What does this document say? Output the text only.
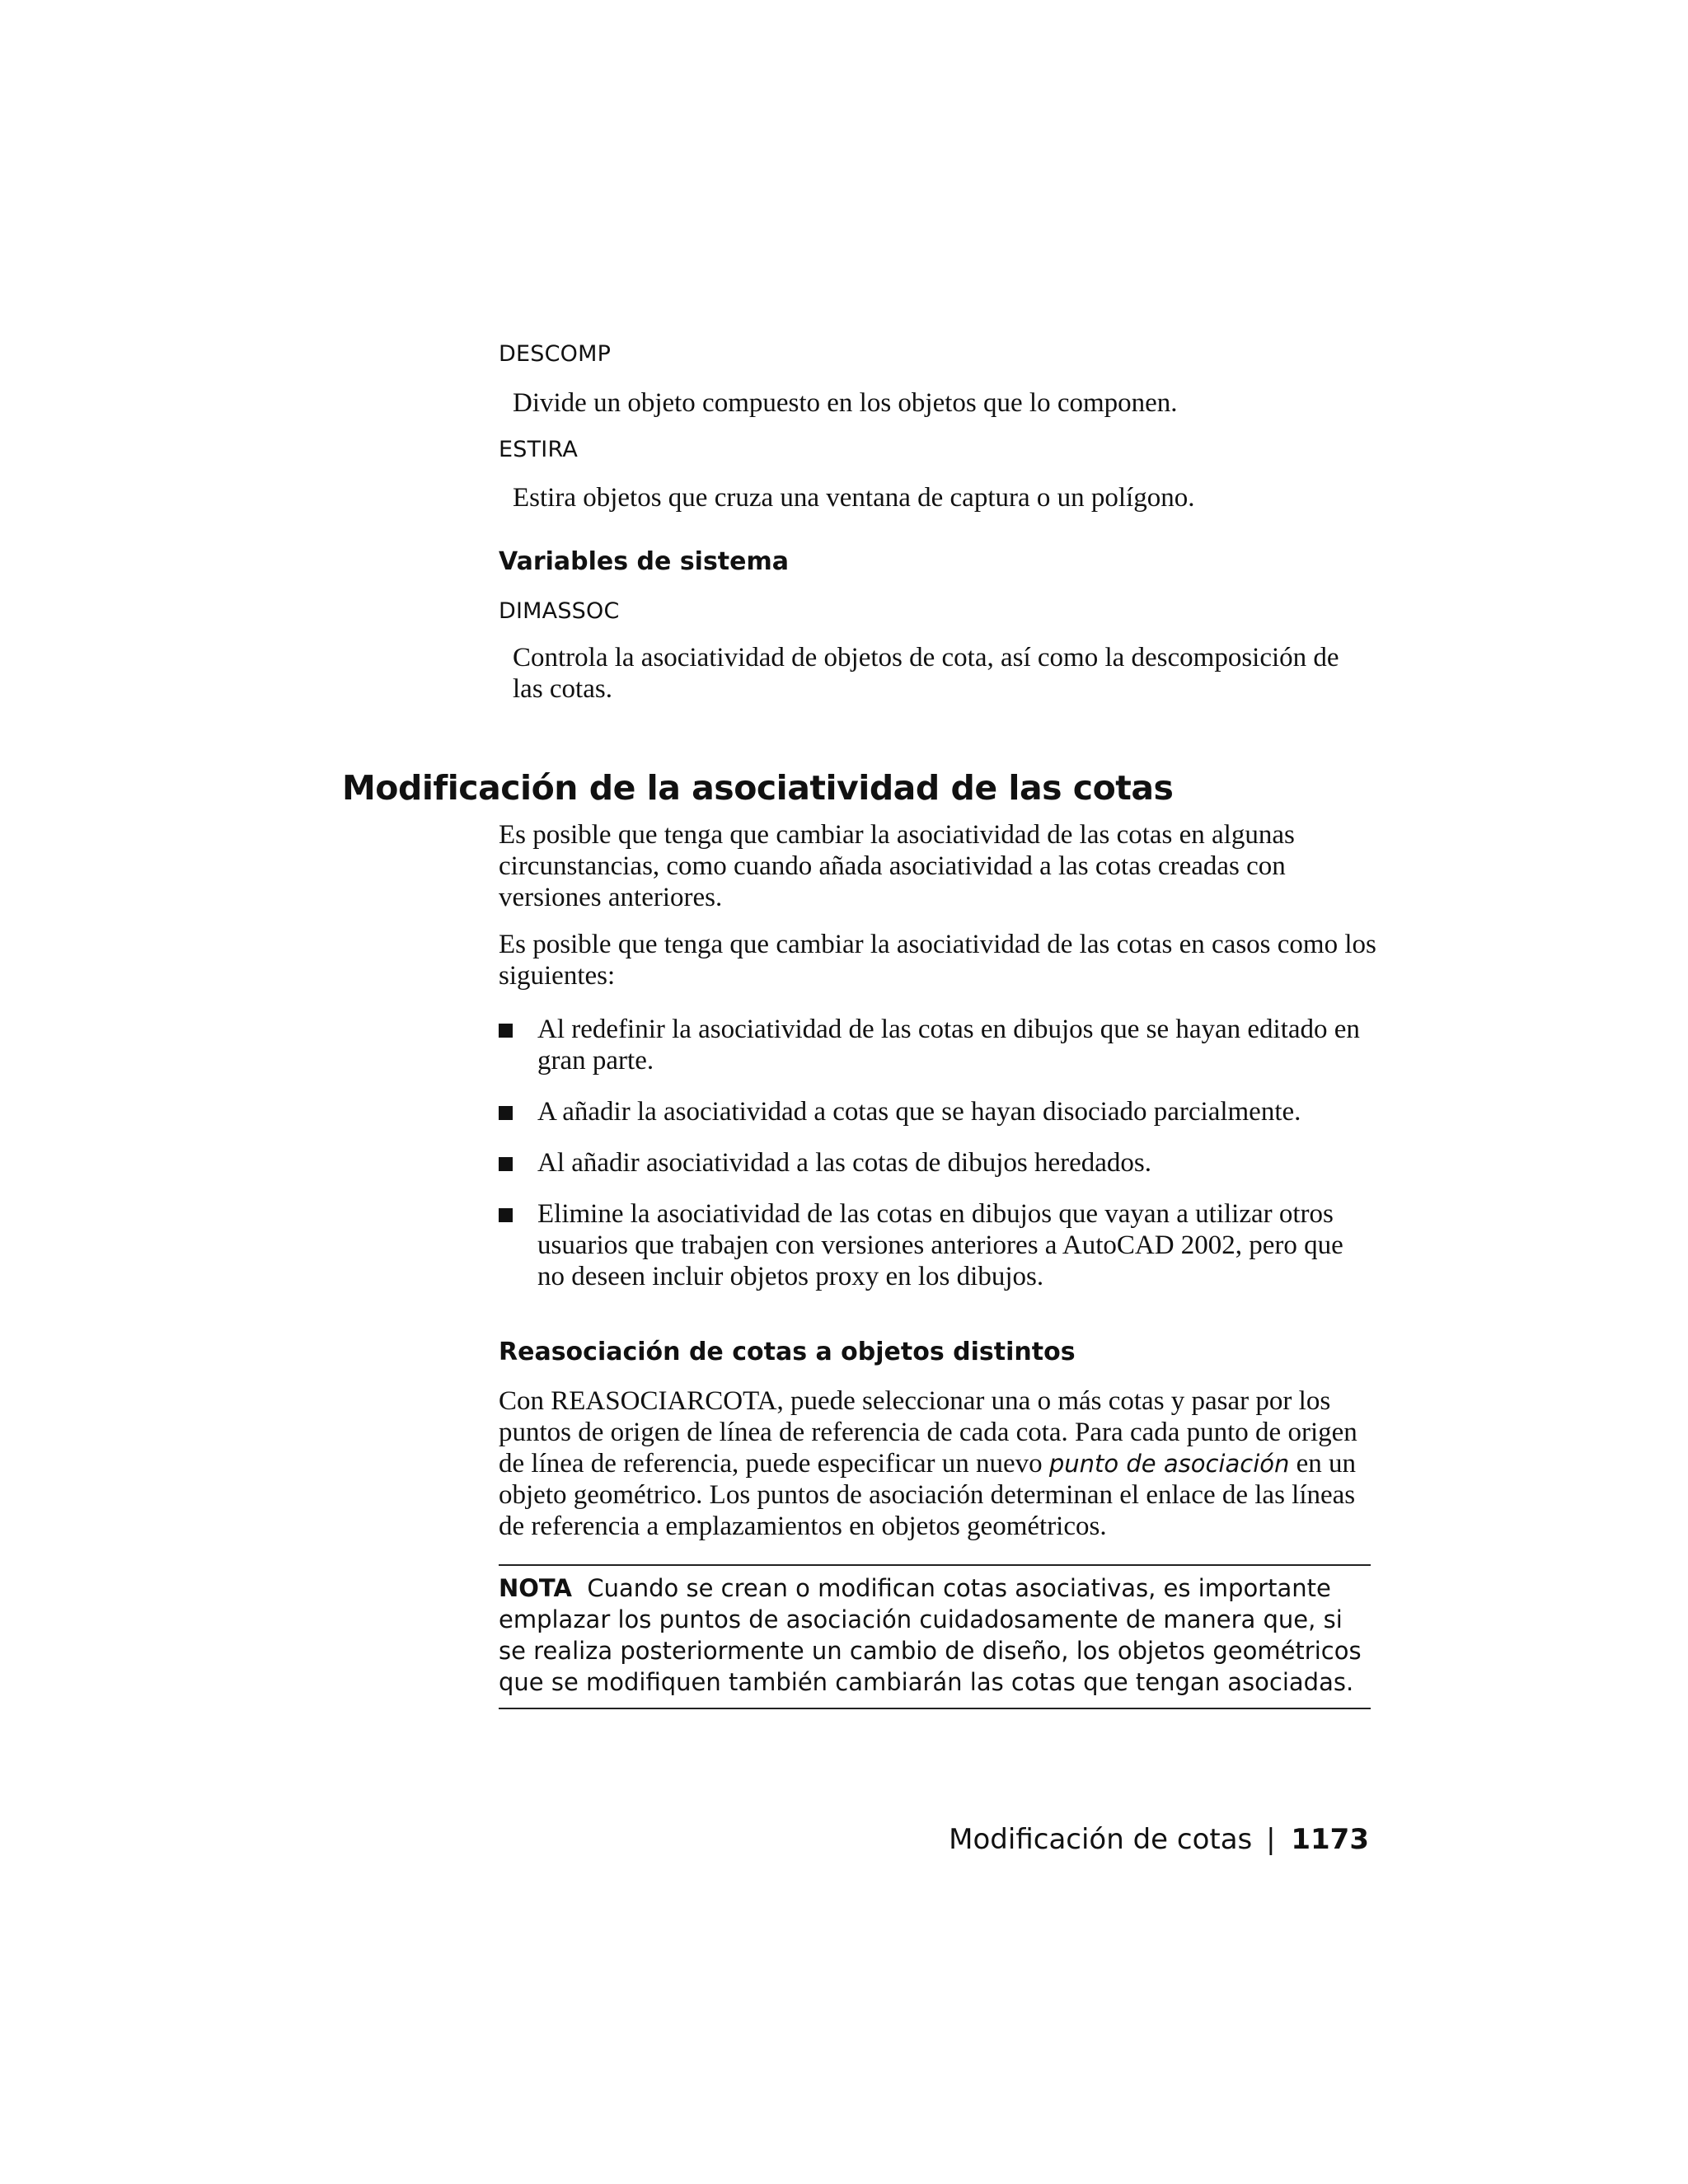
DESCOMP
Divide un objeto compuesto en los objetos que lo componen.
ESTIRA
Estira objetos que cruza una ventana de captura o un polígono.
Variables de sistema
DIMASSOC
Controla la asociatividad de objetos de cota, así como la descomposición de las cotas.
Modificación de la asociatividad de las cotas
Es posible que tenga que cambiar la asociatividad de las cotas en algunas circunstancias, como cuando añada asociatividad a las cotas creadas con versiones anteriores.
Es posible que tenga que cambiar la asociatividad de las cotas en casos como los siguientes:
Al redefinir la asociatividad de las cotas en dibujos que se hayan editado en gran parte.
A añadir la asociatividad a cotas que se hayan disociado parcialmente.
Al añadir asociatividad a las cotas de dibujos heredados.
Elimine la asociatividad de las cotas en dibujos que vayan a utilizar otros usuarios que trabajen con versiones anteriores a AutoCAD 2002, pero que no deseen incluir objetos proxy en los dibujos.
Reasociación de cotas a objetos distintos
Con REASOCIARCOTA, puede seleccionar una o más cotas y pasar por los puntos de origen de línea de referencia de cada cota. Para cada punto de origen de línea de referencia, puede especificar un nuevo punto de asociación en un objeto geométrico. Los puntos de asociación determinan el enlace de las líneas de referencia a emplazamientos en objetos geométricos.
NOTA Cuando se crean o modifican cotas asociativas, es importante emplazar los puntos de asociación cuidadosamente de manera que, si se realiza posteriormente un cambio de diseño, los objetos geométricos que se modifiquen también cambiarán las cotas que tengan asociadas.
Modificación de cotas | 1173
